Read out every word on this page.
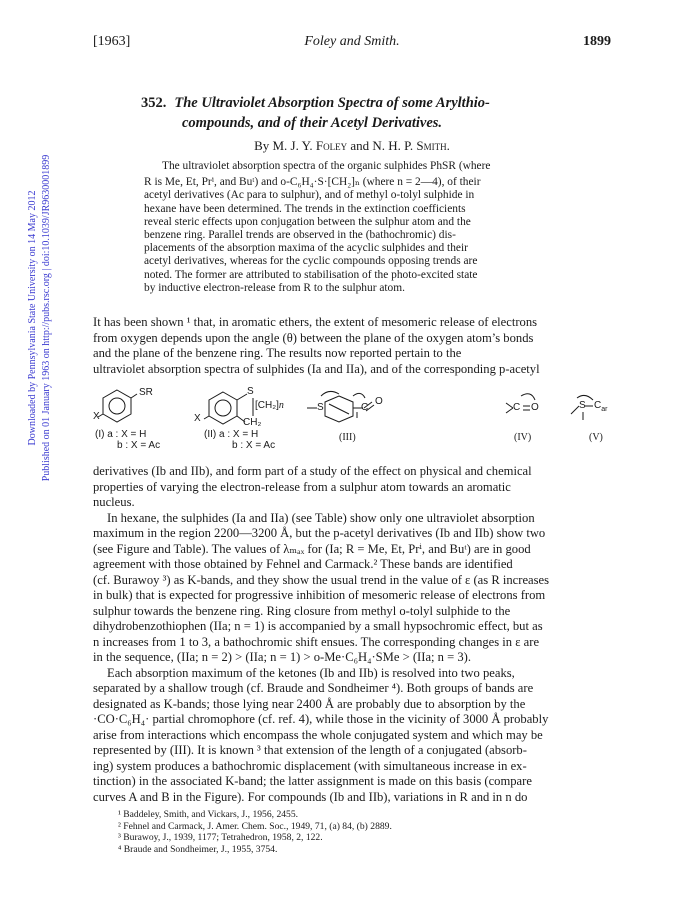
Downloaded by Pennsylvania State University on 14 May 2012 Published on 01 January 1963 on http://pubs.rsc.org | doi:10.1039/JR9630001899
[1963]	Foley and Smith.	1899
352. The Ultraviolet Absorption Spectra of some Arylthio-
compounds, and of their Acetyl Derivatives.
By M. J. Y. Foley and N. H. P. Smith.
The ultraviolet absorption spectra of the organic sulphides PhSR (where
R is Me, Et, Prⁱ, and Buᵗ) and o-C₆H₄·S·[CH₂]ₙ (where n = 2—4), of their
acetyl derivatives (Ac para to sulphur), and of methyl o-tolyl sulphide in
hexane have been determined. The trends in the extinction coefficients
reveal steric effects upon conjugation between the sulphur atom and the
benzene ring. Parallel trends are observed in the (bathochromic) dis-
placements of the absorption maxima of the acyclic sulphides and their
acetyl derivatives, whereas for the cyclic compounds opposing trends are
noted. The former are attributed to stabilisation of the photo-excited state
by inductive electron-release from R to the sulphur atom.
It has been shown ¹ that, in aromatic ethers, the extent of mesomeric release of electrons
from oxygen depends upon the angle (θ) between the plane of the oxygen atom’s bonds
and the plane of the benzene ring. The results now reported pertain to the
ultraviolet absorption spectra of sulphides (Ia and IIa), and of the corresponding p-acetyl
SR
X
(I) a : X = H
b : X = Ac
S
[CH₂]n
CH₂
X
(II) a : X = H
b : X = Ac
S	C
O
(III)
C O
(IV)
S $C_{ar}$
(V)
derivatives (Ib and IIb), and form part of a study of the effect on physical and chemical
properties of varying the electron-release from a sulphur atom towards an aromatic
nucleus.
In hexane, the sulphides (Ia and IIa) (see Table) show only one ultraviolet absorption
maximum in the region 2200—3200 Å, but the p-acetyl derivatives (Ib and IIb) show two
(see Figure and Table). The values of λₘₐₓ for (Ia; R = Me, Et, Prⁱ, and Buᵗ) are in good
agreement with those obtained by Fehnel and Carmack.² These bands are identified
(cf. Burawoy ³) as K-bands, and they show the usual trend in the value of ε (as R increases
in bulk) that is expected for progressive inhibition of mesomeric release of electrons from
sulphur towards the benzene ring. Ring closure from methyl o-tolyl sulphide to the
dihydrobenzothiophen (IIa; n = 1) is accompanied by a small hypsochromic effect, but as
n increases from 1 to 3, a bathochromic shift ensues. The corresponding changes in ε are
in the sequence, (IIa; n = 2) > (IIa; n = 1) > o-Me·C₆H₄·SMe > (IIa; n = 3).
Each absorption maximum of the ketones (Ib and IIb) is resolved into two peaks,
separated by a shallow trough (cf. Braude and Sondheimer ⁴). Both groups of bands are
designated as K-bands; those lying near 2400 Å are probably due to absorption by the
·CO·C₆H₄· partial chromophore (cf. ref. 4), while those in the vicinity of 3000 Å probably
arise from interactions which encompass the whole conjugated system and which may be
represented by (III). It is known ³ that extension of the length of a conjugated (absorb-
ing) system produces a bathochromic displacement (with simultaneous increase in ex-
tinction) in the associated K-band; the latter assignment is made on this basis (compare
curves A and B in the Figure). For compounds (Ib and IIb), variations in R and in n do
¹ Baddeley, Smith, and Vickars, J., 1956, 2455.
² Fehnel and Carmack, J. Amer. Chem. Soc., 1949, 71, (a) 84, (b) 2889.
³ Burawoy, J., 1939, 1177; Tetrahedron, 1958, 2, 122.
⁴ Braude and Sondheimer, J., 1955, 3754.
